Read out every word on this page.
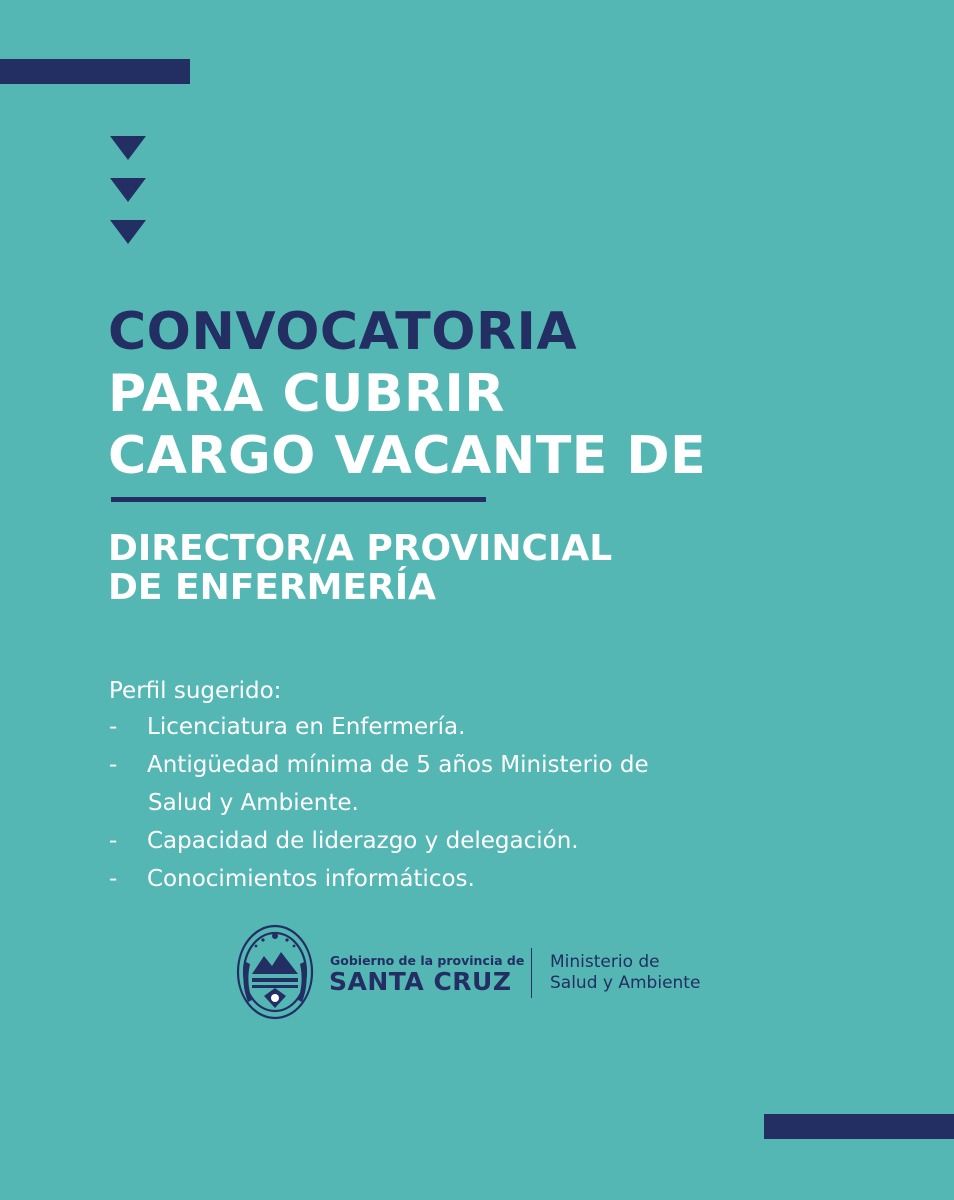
CONVOCATORIA
PARA CUBRIR
CARGO VACANTE DE
DIRECTOR/A PROVINCIAL
DE ENFERMERÍA

Perfil sugerido:

- Licenciatura en Enfermería.
- Antigüedad mínima de 5 años Ministerio de
Salud y Ambiente.
- Capacidad de liderazgo y delegación.
- Conocimientos informáticos.
Gobierno de la provincia de
SANTA CRUZ
Ministerio de
Salud y Ambiente
